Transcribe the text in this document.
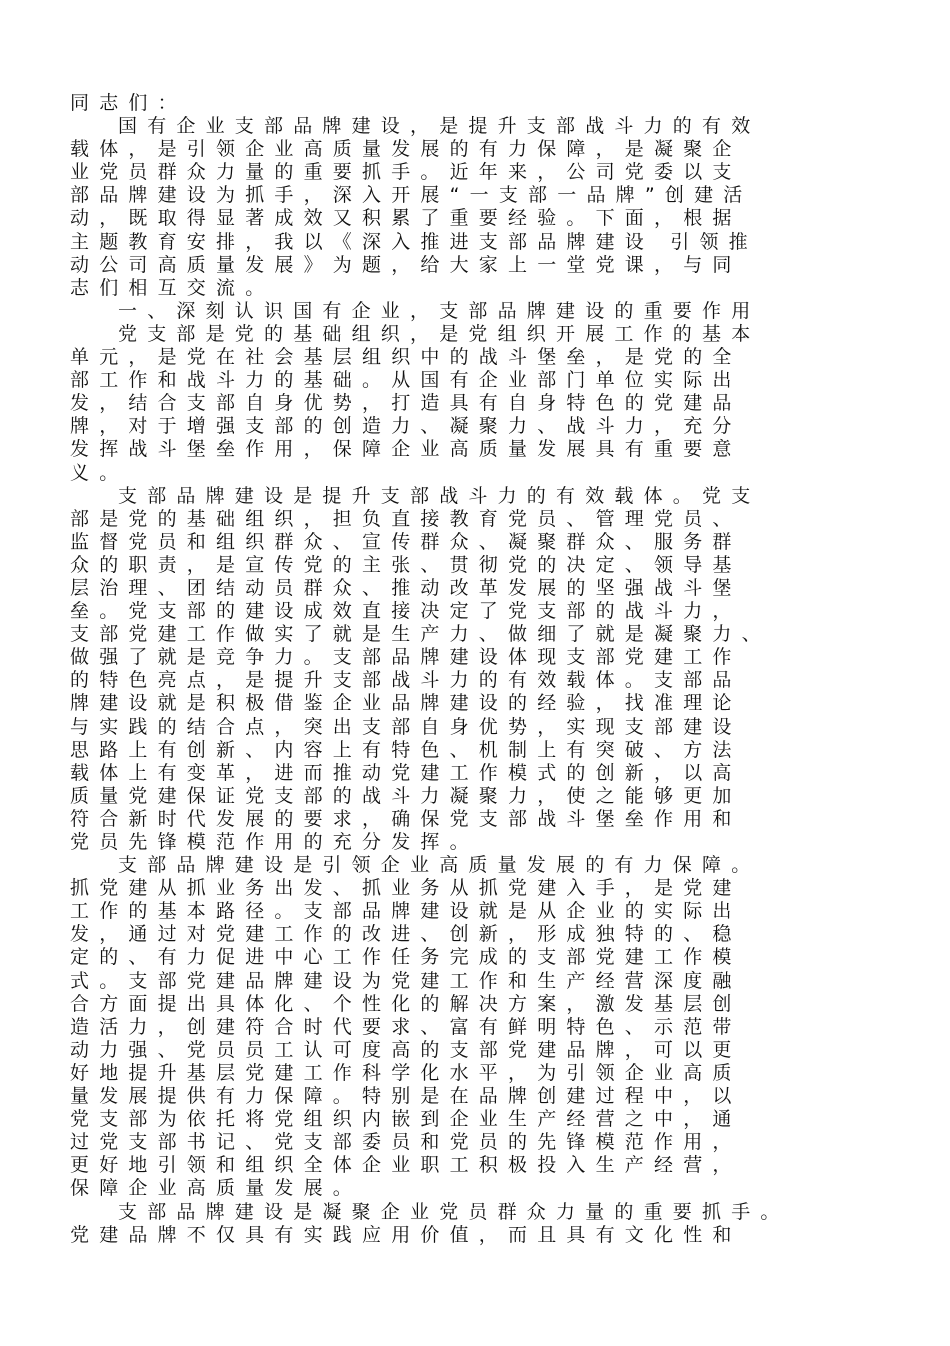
同志们：
国有企业支部品牌建设，是提升支部战斗力的有效
载体，是引领企业高质量发展的有力保障，是凝聚企
业党员群众力量的重要抓手。近年来，公司党委以支
部品牌建设为抓手，深入开展“一支部一品牌”创建活
动，既取得显著成效又积累了重要经验。下面，根据
主题教育安排，我以《深入推进支部品牌建设 引领推
动公司高质量发展》为题，给大家上一堂党课，与同
志们相互交流。
一、深刻认识国有企业，支部品牌建设的重要作用
党支部是党的基础组织，是党组织开展工作的基本
单元，是党在社会基层组织中的战斗堡垒，是党的全
部工作和战斗力的基础。从国有企业部门单位实际出
发，结合支部自身优势，打造具有自身特色的党建品
牌，对于增强支部的创造力、凝聚力、战斗力，充分
发挥战斗堡垒作用，保障企业高质量发展具有重要意
义。
支部品牌建设是提升支部战斗力的有效载体。党支
部是党的基础组织，担负直接教育党员、管理党员、
监督党员和组织群众、宣传群众、凝聚群众、服务群
众的职责，是宣传党的主张、贯彻党的决定、领导基
层治理、团结动员群众、推动改革发展的坚强战斗堡
垒。党支部的建设成效直接决定了党支部的战斗力，
支部党建工作做实了就是生产力、做细了就是凝聚力、
做强了就是竞争力。支部品牌建设体现支部党建工作
的特色亮点，是提升支部战斗力的有效载体。支部品
牌建设就是积极借鉴企业品牌建设的经验，找准理论
与实践的结合点，突出支部自身优势，实现支部建设
思路上有创新、内容上有特色、机制上有突破、方法
载体上有变革，进而推动党建工作模式的创新，以高
质量党建保证党支部的战斗力凝聚力，使之能够更加
符合新时代发展的要求，确保党支部战斗堡垒作用和
党员先锋模范作用的充分发挥。
支部品牌建设是引领企业高质量发展的有力保障。
抓党建从抓业务出发、抓业务从抓党建入手，是党建
工作的基本路径。支部品牌建设就是从企业的实际出
发，通过对党建工作的改进、创新，形成独特的、稳
定的、有力促进中心工作任务完成的支部党建工作模
式。支部党建品牌建设为党建工作和生产经营深度融
合方面提出具体化、个性化的解决方案，激发基层创
造活力，创建符合时代要求、富有鲜明特色、示范带
动力强、党员员工认可度高的支部党建品牌，可以更
好地提升基层党建工作科学化水平，为引领企业高质
量发展提供有力保障。特别是在品牌创建过程中，以
党支部为依托将党组织内嵌到企业生产经营之中，通
过党支部书记、党支部委员和党员的先锋模范作用，
更好地引领和组织全体企业职工积极投入生产经营，
保障企业高质量发展。
支部品牌建设是凝聚企业党员群众力量的重要抓手。
党建品牌不仅具有实践应用价值，而且具有文化性和
